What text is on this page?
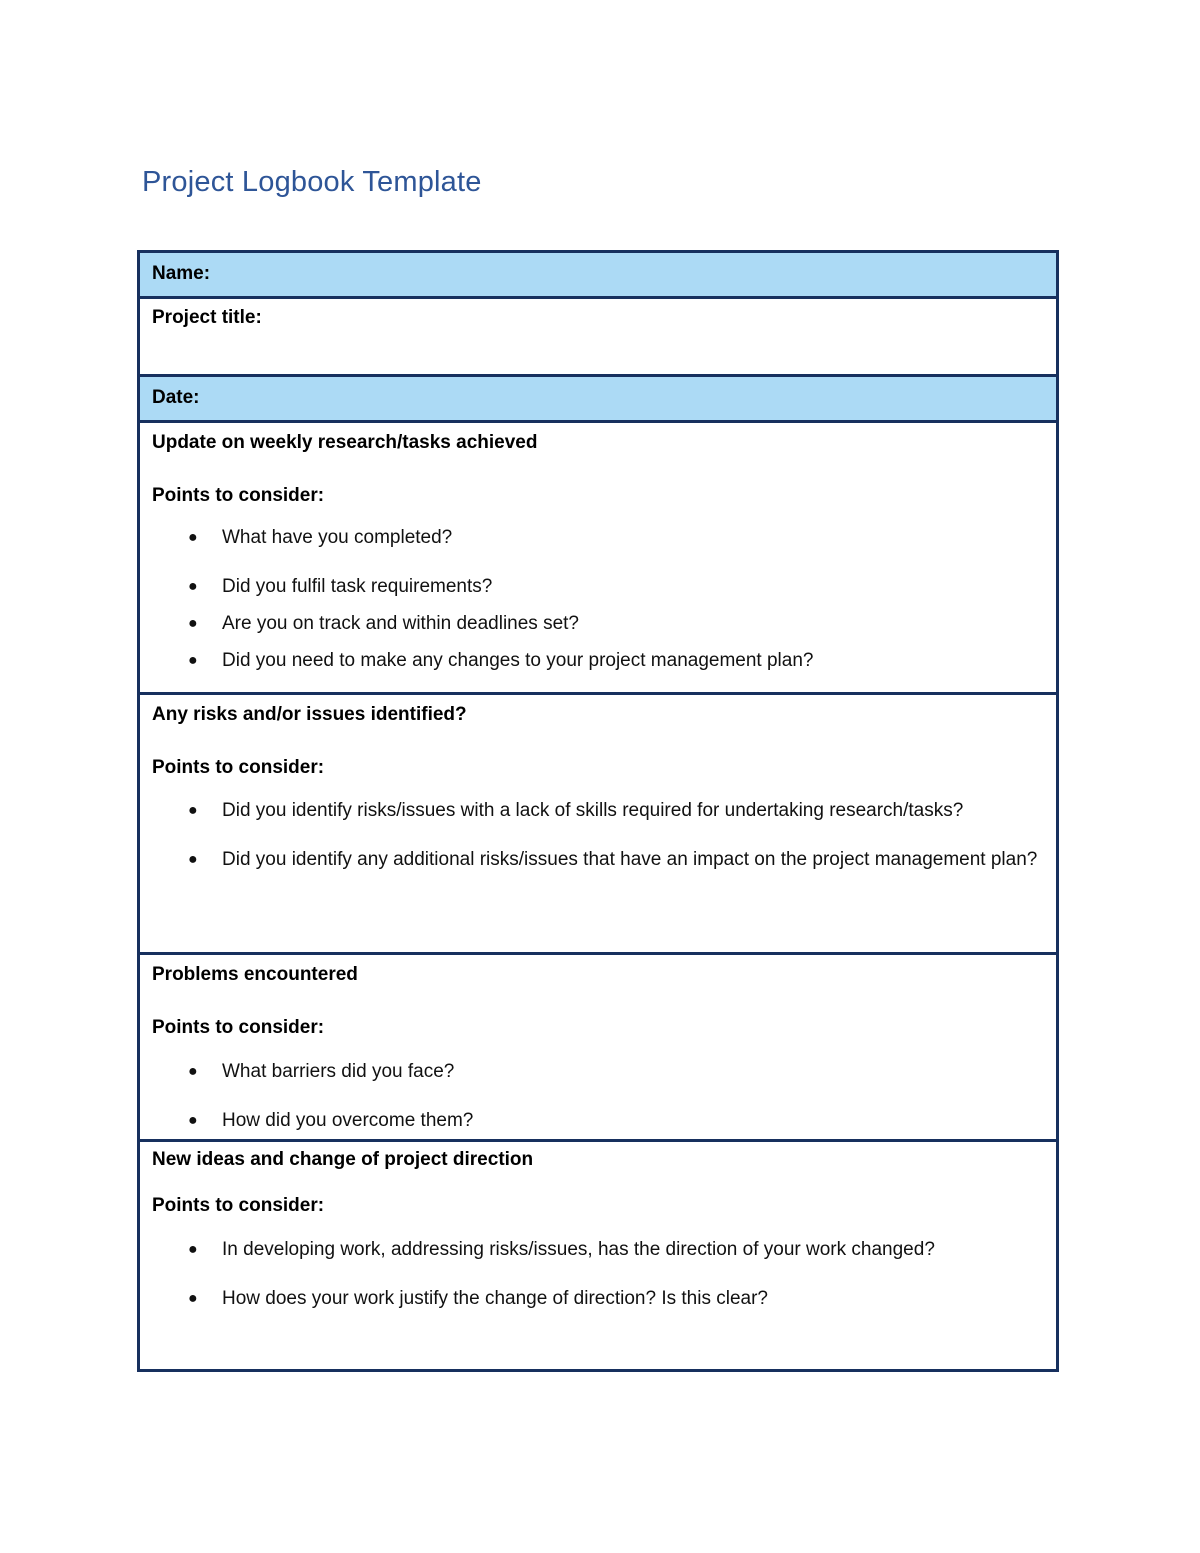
Project Logbook Template
Name:

Project title:

Date:

Update on weekly research/tasks achieved
Points to consider:
● What have you completed?
● Did you fulfil task requirements?
● Are you on track and within deadlines set?
● Did you need to make any changes to your project management plan?

Any risks and/or issues identified?
Points to consider:
● Did you identify risks/issues with a lack of skills required for undertaking research/tasks?
● Did you identify any additional risks/issues that have an impact on the project management plan?

Problems encountered
Points to consider:
● What barriers did you face?
● How did you overcome them?

New ideas and change of project direction
Points to consider:
● In developing work, addressing risks/issues, has the direction of your work changed?
● How does your work justify the change of direction? Is this clear?
